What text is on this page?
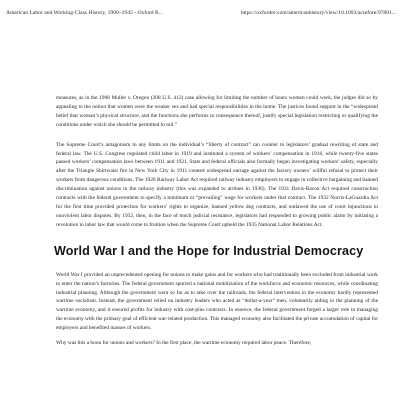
American Labor and Working-Class History, 1900–1945 - Oxford R...	https://oxfordre.com/americanhistory/view/10.1093/acrefore/97801...

measures, as in the 1908 Muller v. Oregon (208 U.S. 412) case allowing for limiting the number of hours women could work, the judges did so by appealing to the notion that women were the weaker sex and had special responsibilities in the home. The justices found support in the “widespread belief that woman’s physical structure, and the functions she performs in consequence thereof, justify special legislation restricting or qualifying the conditions under which she should be permitted to toil.”

The Supreme Court’s antagonism to any limits on the individual’s “liberty of contract” ran counter to legislators’ gradual rewriting of state and federal law. The U.S. Congress regulated child labor in 1919 and instituted a system of workers’ compensation in 1916, while twenty-five states passed workers’ compensation laws between 1911 and 1921. State and federal officials also formally began investigating workers’ safety, especially after the Triangle Shirtwaist fire in New York City in 1911 created widespread outrage against the factory owners’ willful refusal to protect their workers from dangerous conditions. The 1926 Railway Labor Act required railway industry employers to engage in collective bargaining and banned discrimination against unions in the railway industry (this was expanded to airlines in 1936). The 1931 Davis-Bacon Act required construction contracts with the federal government to specify a minimum or “prevailing” wage for workers under that contract. The 1932 Norris-LaGuardia Act for the first time provided protection for workers’ rights to organize, banned yellow dog contracts, and outlawed the use of court injunctions in nonviolent labor disputes. By 1932, then, in the face of much judicial resistance, legislators had responded to growing public alarm by initiating a revolution in labor law that would come to fruition when the Supreme Court upheld the 1935 National Labor Relations Act.

World War I and the Hope for Industrial Democracy

World War I provided an unprecedented opening for unions to make gains and for workers who had traditionally been excluded from industrial work to enter the nation’s factories. The federal government spurred a national mobilization of the workforce and economic resources, while coordinating industrial planning. Although the government went so far as to take over the railroads, the federal intervention in the economy hardly represented wartime socialism. Instead, the government relied on industry leaders who acted as “dollar-a-year” men, voluntarily aiding in the planning of the wartime economy, and it ensured profits for industry with cost-plus contracts. In essence, the federal government forged a larger role in managing the economy with the primary goal of efficient war-related production. This managed economy also facilitated the private accumulation of capital for employers and benefited masses of workers.

Why was this a boon for unions and workers? In the first place, the wartime economy required labor peace. Therefore,
